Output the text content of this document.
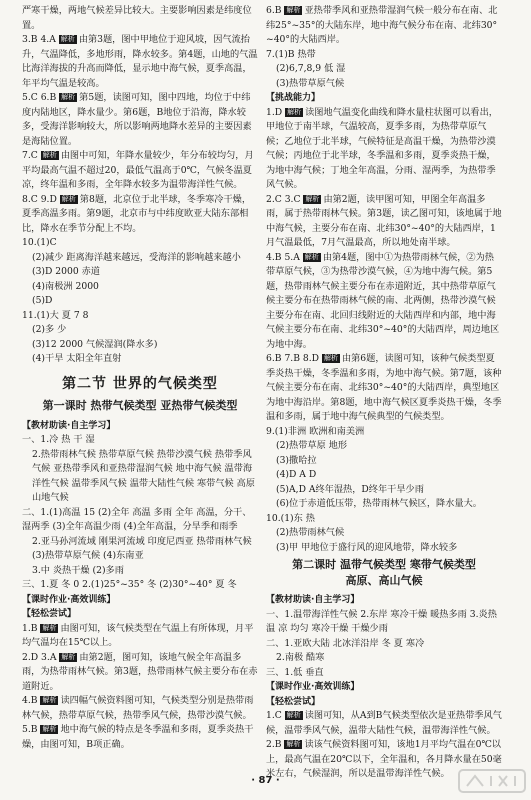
严寒干燥，两地气候差异比较大。主要影响因素是纬度位置。

3.B 4.A 解析 由第3题，图中甲地位于迎风坡，因气流抬升，气温降低，多地形雨，降水较多。第4题，山地的气温比海洋海拔的升高而降低，显示地中海气候，夏季高温，年平均气温是较高。

5.C 6.B 解析 第5题，读图可知，图中四地，均位于中纬度内陆地区，降水量少。第6题，B地位于沿海，降水较多，受海洋影响较大，所以影响两地降水差异的主要因素是海陆位置。

7.C 解析 由图中可知，年降水量较少，年分布较均匀，月平均最高气温不超过20，最低气温高于0℃，气候冬温夏凉，终年温和多雨，全年降水较多为温带海洋性气候。

8.C 9.D 解析 第8题，北京位于北半球，冬季寒冷干燥，夏季高温多雨。第9题，北京市与中纬度欧亚大陆东部相比，降水在季节分配上不均。

10.(1)C

(2)减少 距离海洋越来越远，受海洋的影响越来越小

(3)D 2000 赤道

(4)南极洲 2000

(5)D

11.(1)大 夏 7 8

(2)多 少

(3)12 2000 气候湿润(降水多)

(4)干旱 太阳全年直射

第二节 世界的气候类型
第一课时 热带气候类型 亚热带气候类型

【教材助读·自主学习】

一、1.冷 热 干 湿

2.热带雨林气候 热带草原气候 热带沙漠气候 热带季风气候 亚热带季风和亚热带湿润气候 地中海气候 温带海洋性气候 温带季风气候 温带大陆性气候 寒带气候 高原山地气候

二、1.(1)高温 15 (2)全年 高温 多雨 全年 高温，分干、湿两季 (3)全年高温少雨 (4)全年高温，分旱季和雨季

2.亚马孙河流域 刚果河流域 印度尼西亚 热带雨林气候 (3)热带草原气候 (4)东南亚

3.中 炎热干燥 (2)多雨

三、1.夏 冬 0 2.(1)25°~35° 冬 (2)30°~40° 夏 冬

【课时作业·高效训练】

【轻松尝试】

1.B 解析 由图可知，该气候类型在气温上有所体现，月平均气温均在15℃以上。

2.D 3.A 解析 由第2题，图可知，该地气候全年高温多雨，为热带雨林气候。第3题，热带雨林气候主要分布在赤道附近。

4.B 解析 读四幅气候资料图可知，气候类型分别是热带雨林气候，热带草原气候，热带季风气候，热带沙漠气候。

5.B 解析 地中海气候的特点是冬季温和多雨，夏季炎热干燥，由图可知，B项正确。

6.B 解析 亚热带季风和亚热带湿润气候一般分布在南、北纬25°~35°的大陆东岸，地中海气候分布在南、北纬30°~40°的大陆西岸。

7.(1)B 热带

(2)6,7,8,9 低 湿

(3)热带草原气候

【挑战能力】

1.D 解析 读图地气温变化曲线和降水量柱状图可以看出，甲地位于南半球，气温较高，夏季多雨，为热带草原气候；乙地位于北半球，气候特征是高温干燥，为热带沙漠气候；丙地位于北半球，冬季温和多雨，夏季炎热干燥，为地中海气候；丁地全年高温，分雨、湿两季，为热带季风气候。

2.C 3.C 解析 由第2题，读甲图可知，甲图全年高温多雨，属于热带雨林气候。第3题，读乙图可知，该地属于地中海气候，主要分布在南、北纬30°~40°的大陆西岸，1月气温最低，7月气温最高，所以地处南半球。

4.B 5.A 解析 由第4题，图中①为热带雨林气候，②为热带草原气候，③为热带沙漠气候，④为地中海气候。第5题，热带雨林气候主要分布在赤道附近，其中热带草原气候主要分布在热带雨林气候的南、北两侧，热带沙漠气候主要分布在南、北回归线附近的大陆西岸和内部，地中海气候主要分布在南、北纬30°~40°的大陆西岸，周边地区为地中海。

6.B 7.B 8.D 解析 由第6题，读图可知，该种气候类型夏季炎热干燥，冬季温和多雨，为地中海气候。第7题，该种气候主要分布在南、北纬30°~40°的大陆西岸，典型地区为地中海沿岸。第8题，地中海气候区夏季炎热干燥，冬季温和多雨，属于地中海气候典型的气候类型。

9.(1)非洲 欧洲和南美洲

(2)热带草原 地形

(3)撒哈拉

(4)D A D

(5)A,D A终年湿热，D终年干旱少雨

(6)位于赤道低压带，热带雨林气候区，降水量大。

10.(1)东 热

(2)热带雨林气候

(3)甲 甲地位于盛行风的迎风地带，降水较多

第二课时 温带气候类型 寒带气候类型
高原、高山气候

【教材助读·自主学习】

一、1.温带海洋性气候 2.东岸 寒冷干燥 暖热多雨 3.炎热 温 凉 均匀 寒冷干燥 干燥少雨

二、1.亚欧大陆 北冰洋沿岸 冬 夏 寒冷

2.南极 酷寒

三、1.低 垂直

【课时作业·高效训练】

【轻松尝试】

1.C 解析 读图可知，从A到B气候类型依次是亚热带季风气候，温带季风气候，温带大陆性气候，温带海洋性气候。

2.B 解析 读该气候资料图可知，该地1月平均气温在0℃以上，最高气温在20℃以下，全年温和，各月降水量在50毫米左右，气候湿润，所以是温带海洋性气候。

· 87 ·
